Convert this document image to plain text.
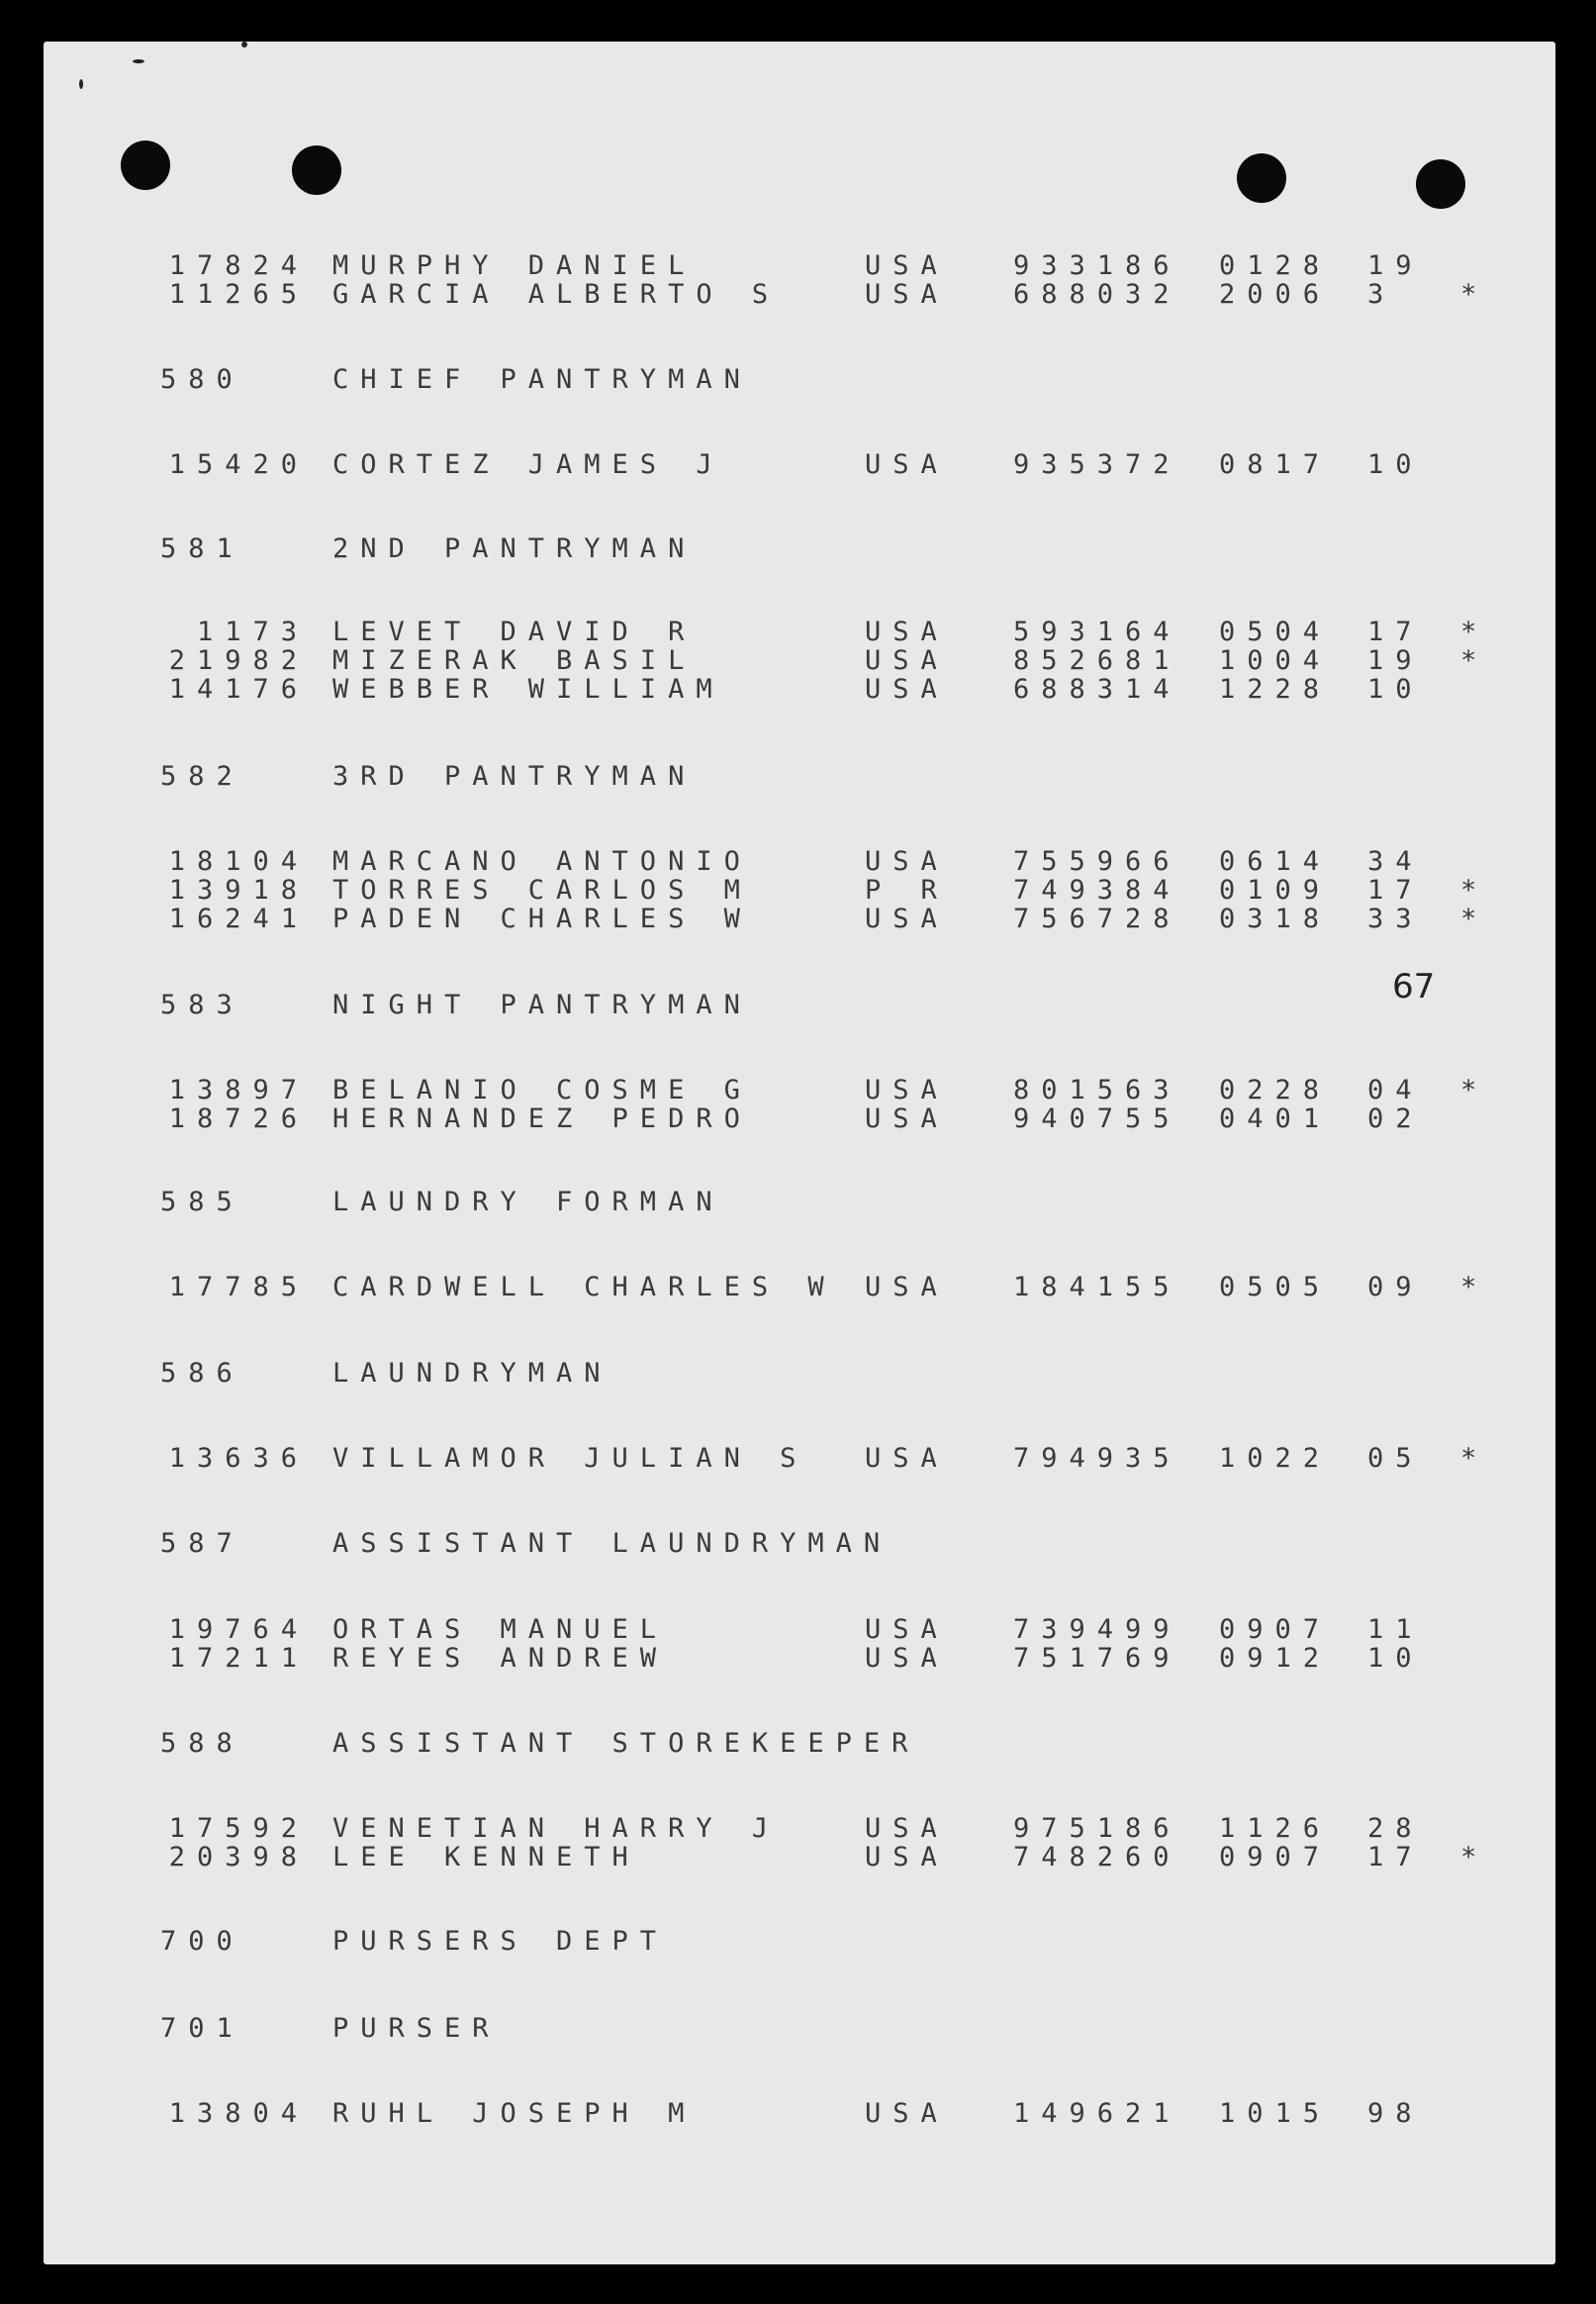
17824 MURPHY DANIEL	USA 933186 0128 19
11265 GARCIA ALBERTO S	USA 688032 2006 3 *
580	CHIEF PANTRYMAN
15420 CORTEZ JAMES J	USA 935372 0817 10
581	2ND PANTRYMAN
1173 LEVET DAVID R	USA 593164 0504 17 *
21982 MIZERAK BASIL	USA 852681 1004 19 *
14176 WEBBER WILLIAM	USA 688314 1228 10
582	3RD PANTRYMAN
18104 MARCANO ANTONIO	USA 755966 0614 34
13918 TORRES CARLOS M	P R 749384 0109 17 *
16241 PADEN CHARLES W	USA 756728 0318 33 *
583	NIGHT PANTRYMAN
13897 BELANIO COSME G	USA 801563 0228 04 *
18726 HERNANDEZ PEDRO	USA 940755 0401 02
585	LAUNDRY FORMAN
17785 CARDWELL CHARLES W USA 184155 0505 09 *
586	LAUNDRYMAN
13636 VILLAMOR JULIAN S USA 794935 1022 05 *
587	ASSISTANT LAUNDRYMAN
19764 ORTAS MANUEL	USA 739499 0907 11
17211 REYES ANDREW	USA 751769 0912 10
588	ASSISTANT STOREKEEPER
17592 VENETIAN HARRY J	USA 975186 1126 28
20398 LEE KENNETH	USA 748260 0907 17 *
700	PURSERS DEPT
701	PURSER
13804 RUHL JOSEPH M	USA 149621 1015 98
67
